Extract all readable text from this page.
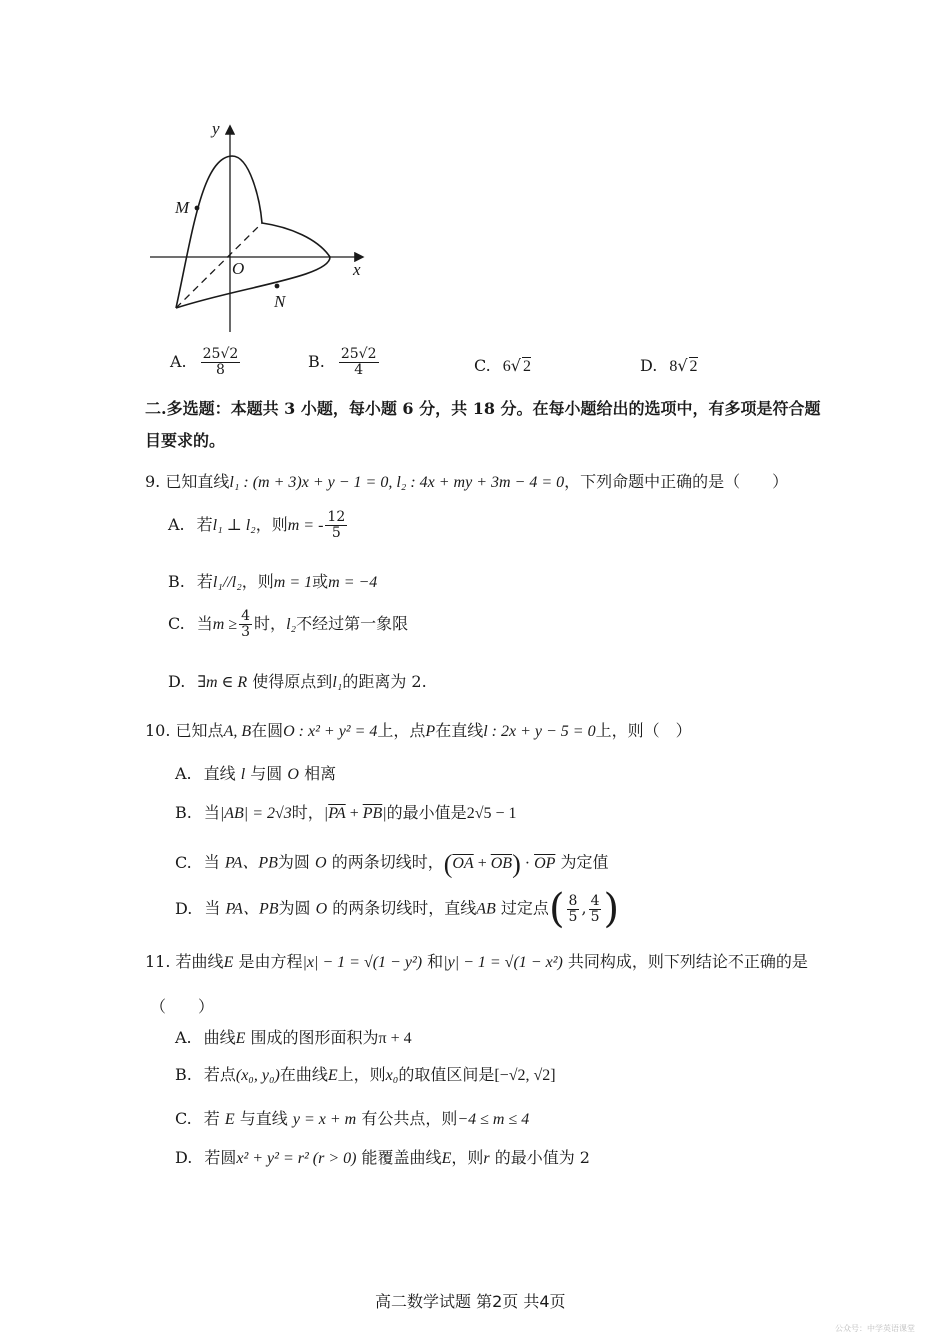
y
x
O
M
N
A. $\frac{25√2}{8}$	B. $\frac{25√2}{4}$	C. 6√ 2	D. 8√ 2
二.多选题：本题共 3 小题，每小题 6 分，共 18 分。在每小题给出的选项中，有多项是符合题目要求的。
9. 已知直线l₁ : (m + 3)x + y − 1 = 0, l₂ : 4x + my + 3m − 4 = 0，下列命题中正确的是（　　）
A. 若l₁ ⊥ l₂，则m = - $\frac{12}{5}$
B. 若l₁//l₂，则m = 1或m = −4
C. 当$m \ge \frac{4}{3}$ 时，l₂不经过第一象限
D. ∃m ∈ R 使得原点到l₁的距离为 2.
10. 已知点A, B在圆O : x² + y² = 4上，点P在直线l : 2x + y − 5 = 0上，则（　）
A. 直线 l 与圆 O 相离
B. 当|AB| = 2√3时，$|\overline{PA} + \overline{PB}|$的最小值是2√5 − 1
C. 当 PA、PB为圆 O 的两条切线时，$(\overline{OA} + \overline{OB}) \cdot \overline{OP}$ 为定值
D. 当 PA、PB为圆 O 的两条切线时，直线AB 过定点( $\frac{8}{5}$ , $\frac{4}{5}$ )
11. 若曲线E 是由方程|x| − 1 = √(1 − y²) 和|y| − 1 = √(1 − x²) 共同构成，则下列结论不正确的是
（　　）
A. 曲线E 围成的图形面积为π + 4
B. 若点(x₀, y₀)在曲线E上，则x₀的取值区间是[−√2, √2]
C. 若 E 与直线 y = x + m 有公共点，则−4 ≤ m ≤ 4
D. 若圆x² + y² = r² (r > 0) 能覆盖曲线E，则r 的最小值为 2
高二数学试题 第2页 共4页
公众号：中学英语课堂
